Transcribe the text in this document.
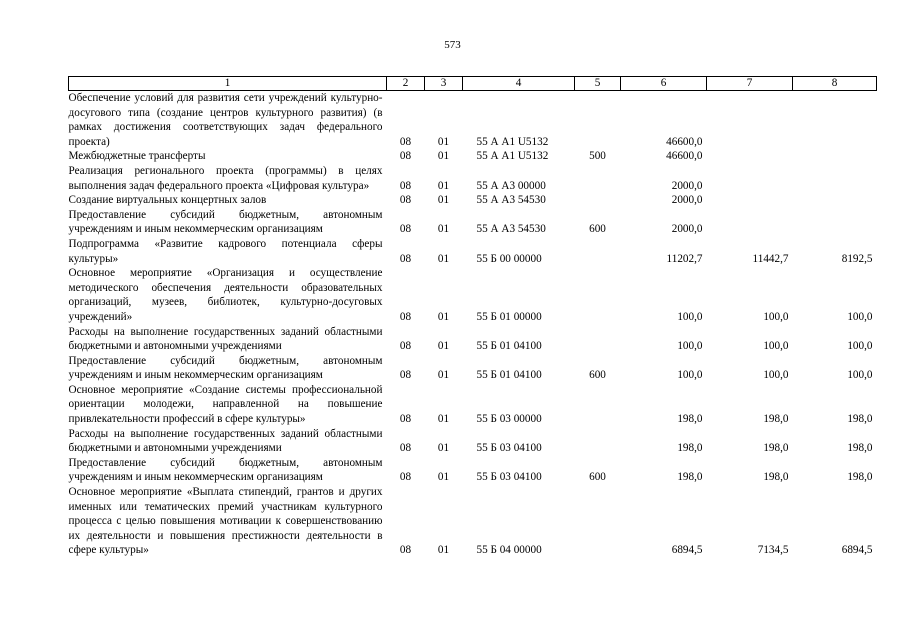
573
1	2	3	4	5	6	7	8
Обеспечение условий для развития сети учреждений культурно-досугового типа (создание центров культурного развития) (в рамках достижения соответствующих задач федерального проекта)	08	01	55 А А1 U5132		46600,0		
Межбюджетные трансферты	08	01	55 А А1 U5132	500	46600,0		
Реализация регионального проекта (программы) в целях выполнения задач федерального проекта «Цифровая культура»	08	01	55 А А3 00000		2000,0		
Создание виртуальных концертных залов	08	01	55 А А3 54530		2000,0		
Предоставление субсидий бюджетным, автономным учреждениям и иным некоммерческим организациям	08	01	55 А А3 54530	600	2000,0		
Подпрограмма «Развитие кадрового потенциала сферы культуры»	08	01	55 Б 00 00000		11202,7	11442,7	8192,5
Основное мероприятие «Организация и осуществление методического обеспечения деятельности образовательных организаций, музеев, библиотек, культурно-досуговых учреждений»	08	01	55 Б 01 00000		100,0	100,0	100,0
Расходы на выполнение государственных заданий областными бюджетными и автономными учреждениями	08	01	55 Б 01 04100		100,0	100,0	100,0
Предоставление субсидий бюджетным, автономным учреждениям и иным некоммерческим организациям	08	01	55 Б 01 04100	600	100,0	100,0	100,0
Основное мероприятие «Создание системы профессиональной ориентации молодежи, направленной на повышение привлекательности профессий в сфере культуры»	08	01	55 Б 03 00000		198,0	198,0	198,0
Расходы на выполнение государственных заданий областными бюджетными и автономными учреждениями	08	01	55 Б 03 04100		198,0	198,0	198,0
Предоставление субсидий бюджетным, автономным учреждениям и иным некоммерческим организациям	08	01	55 Б 03 04100	600	198,0	198,0	198,0
Основное мероприятие «Выплата стипендий, грантов и других именных или тематических премий участникам культурного процесса с целью повышения мотивации к совершенствованию их деятельности и повышения престижности деятельности в сфере культуры»	08	01	55 Б 04 00000		6894,5	7134,5	6894,5
